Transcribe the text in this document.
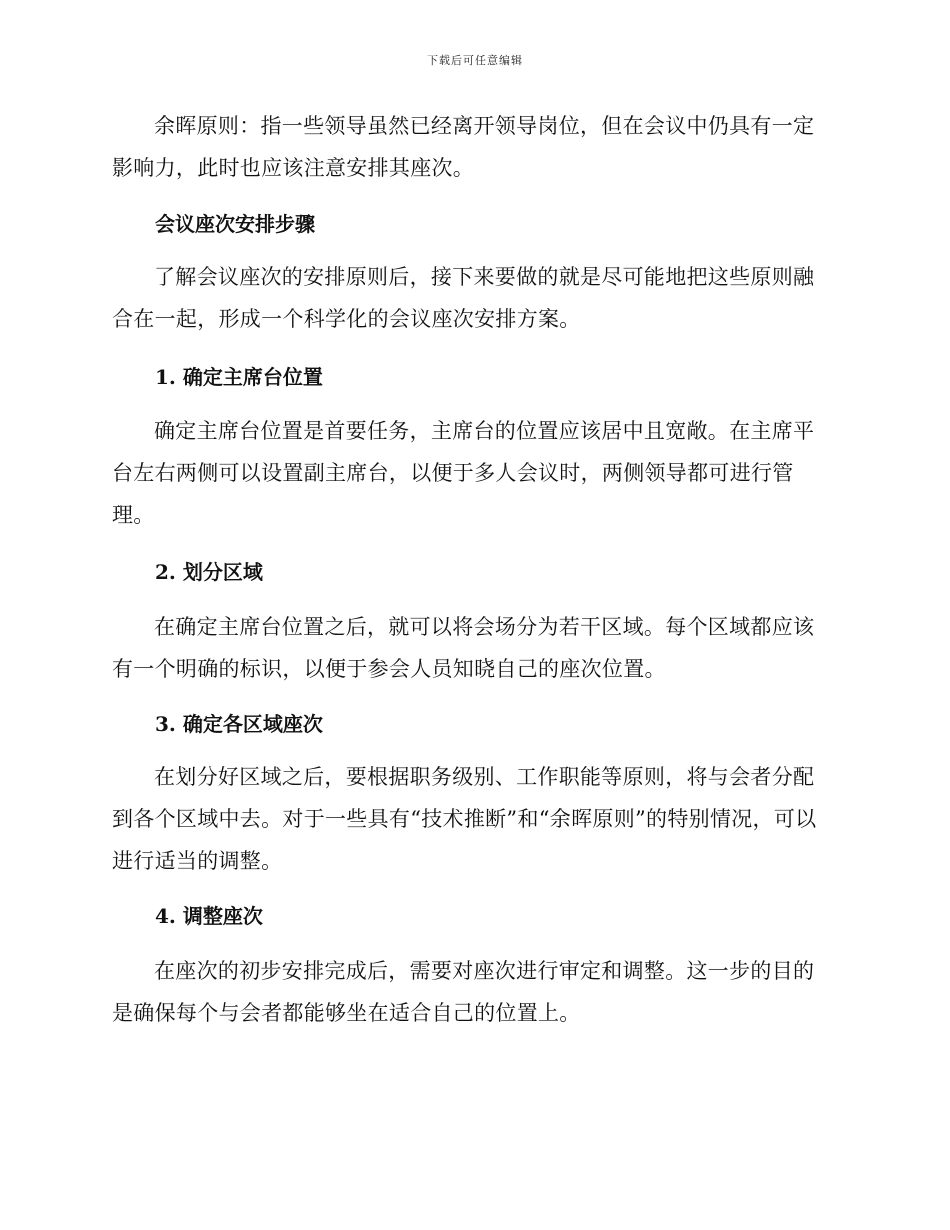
下载后可任意编辑

余晖原则：指一些领导虽然已经离开领导岗位，但在会议中仍具有一定影响力，此时也应该注意安排其座次。

会议座次安排步骤

了解会议座次的安排原则后，接下来要做的就是尽可能地把这些原则融合在一起，形成一个科学化的会议座次安排方案。

1. 确定主席台位置

确定主席台位置是首要任务，主席台的位置应该居中且宽敞。在主席平台左右两侧可以设置副主席台，以便于多人会议时，两侧领导都可进行管理。

2. 划分区域

在确定主席台位置之后，就可以将会场分为若干区域。每个区域都应该有一个明确的标识，以便于参会人员知晓自己的座次位置。

3. 确定各区域座次

在划分好区域之后，要根据职务级别、工作职能等原则，将与会者分配到各个区域中去。对于一些具有“技术推断”和“余晖原则”的特别情况，可以进行适当的调整。

4. 调整座次

在座次的初步安排完成后，需要对座次进行审定和调整。这一步的目的是确保每个与会者都能够坐在适合自己的位置上。
